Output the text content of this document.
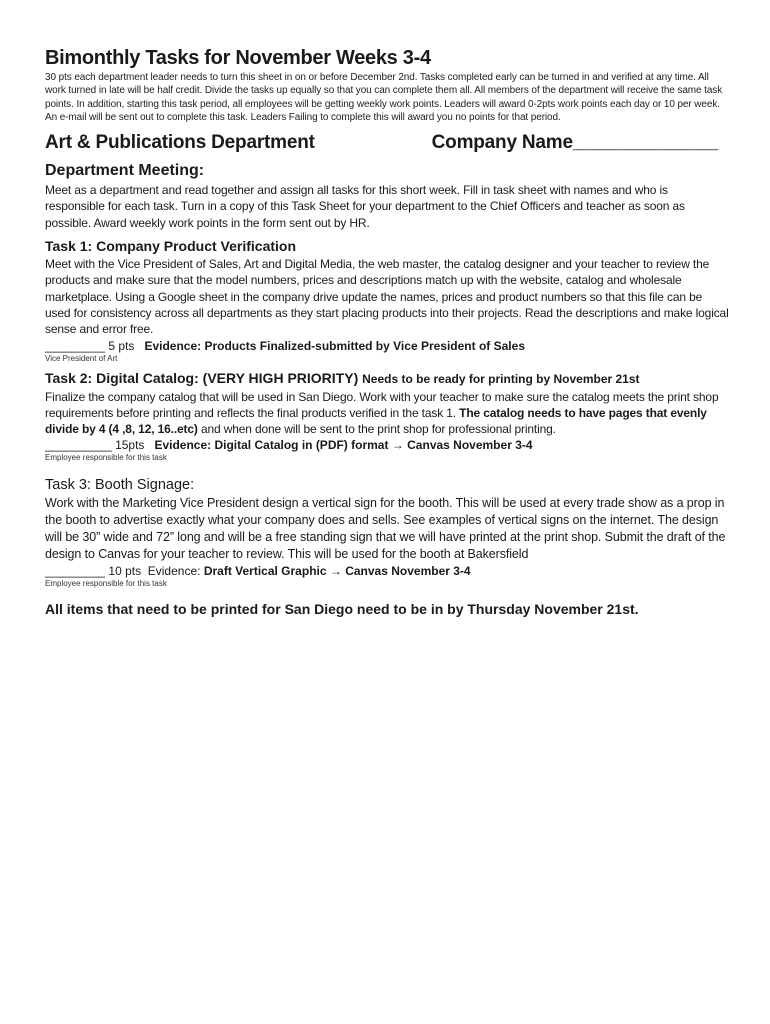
Bimonthly Tasks for November Weeks 3-4

30 pts each department leader needs to turn this sheet in on or before December 2nd. Tasks completed early can be turned in and verified at any time. All work turned in late will be half credit. Divide the tasks up equally so that you can complete them all. All members of the department will receive the same task points. In addition, starting this task period, all employees will be getting weekly work points. Leaders will award 0-2pts work points each day or 10 per week. An e-mail will be sent out to complete this task. Leaders Failing to complete this will award you no points for that period.

Art & Publications Department	Company Name______________
Department Meeting:

Meet as a department and read together and assign all tasks for this short week. Fill in task sheet with names and who is responsible for each task. Turn in a copy of this Task Sheet for your department to the Chief Officers and teacher as soon as possible. Award weekly work points in the form sent out by HR.

Task 1: Company Product Verification

Meet with the Vice President of Sales, Art and Digital Media, the web master, the catalog designer and your teacher to review the products and make sure that the model numbers, prices and descriptions match up with the website, catalog and wholesale marketplace. Using a Google sheet in the company drive update the names, prices and product numbers so that this file can be used for consistency across all departments as they start placing products into their projects. Read the descriptions and make logical sense and error free.

_________ 5 pts Evidence: Products Finalized-submitted by Vice President of Sales
Vice President of Art
Task 2: Digital Catalog: (VERY HIGH PRIORITY) Needs to be ready for printing by November 21st

Finalize the company catalog that will be used in San Diego. Work with your teacher to make sure the catalog meets the print shop requirements before printing and reflects the final products verified in the task 1. The catalog needs to have pages that evenly divide by 4 (4 ,8, 12, 16..etc) and when done will be sent to the print shop for professional printing.

__________ 15pts Evidence: Digital Catalog in (PDF) format → Canvas November 3-4
Employee responsible for this task
Task 3: Booth Signage:

Work with the Marketing Vice President design a vertical sign for the booth. This will be used at every trade show as a prop in the booth to advertise exactly what your company does and sells. See examples of vertical signs on the internet. The design will be 30” wide and 72” long and will be a free standing sign that we will have printed at the print shop. Submit the draft of the design to Canvas for your teacher to review. This will be used for the booth at Bakersfield

_________ 10 pts Evidence: Draft Vertical Graphic → Canvas November 3-4
Employee responsible for this task
All items that need to be printed for San Diego need to be in by Thursday November 21st.
